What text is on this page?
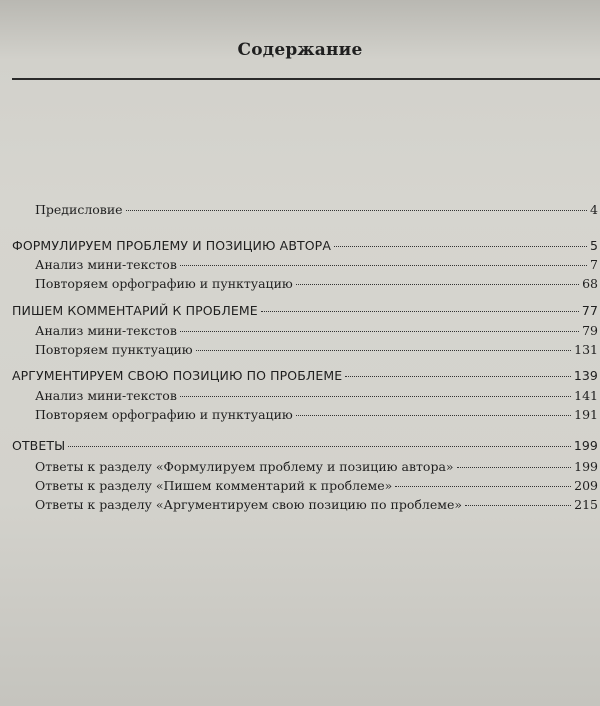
Содержание
Предисловие	4
ФОРМУЛИРУЕМ ПРОБЛЕМУ И ПОЗИЦИЮ АВТОРА	5
Анализ мини-текстов	7
Повторяем орфографию и пунктуацию	68
ПИШЕМ КОММЕНТАРИЙ К ПРОБЛЕМЕ	77
Анализ мини-текстов	79
Повторяем пунктуацию	131
АРГУМЕНТИРУЕМ СВОЮ ПОЗИЦИЮ ПО ПРОБЛЕМЕ	139
Анализ мини-текстов	141
Повторяем орфографию и пунктуацию	191
ОТВЕТЫ	199
Ответы к разделу «Формулируем проблему и позицию автора»	199
Ответы к разделу «Пишем комментарий к проблеме»	209
Ответы к разделу «Аргументируем свою позицию по проблеме»	215
